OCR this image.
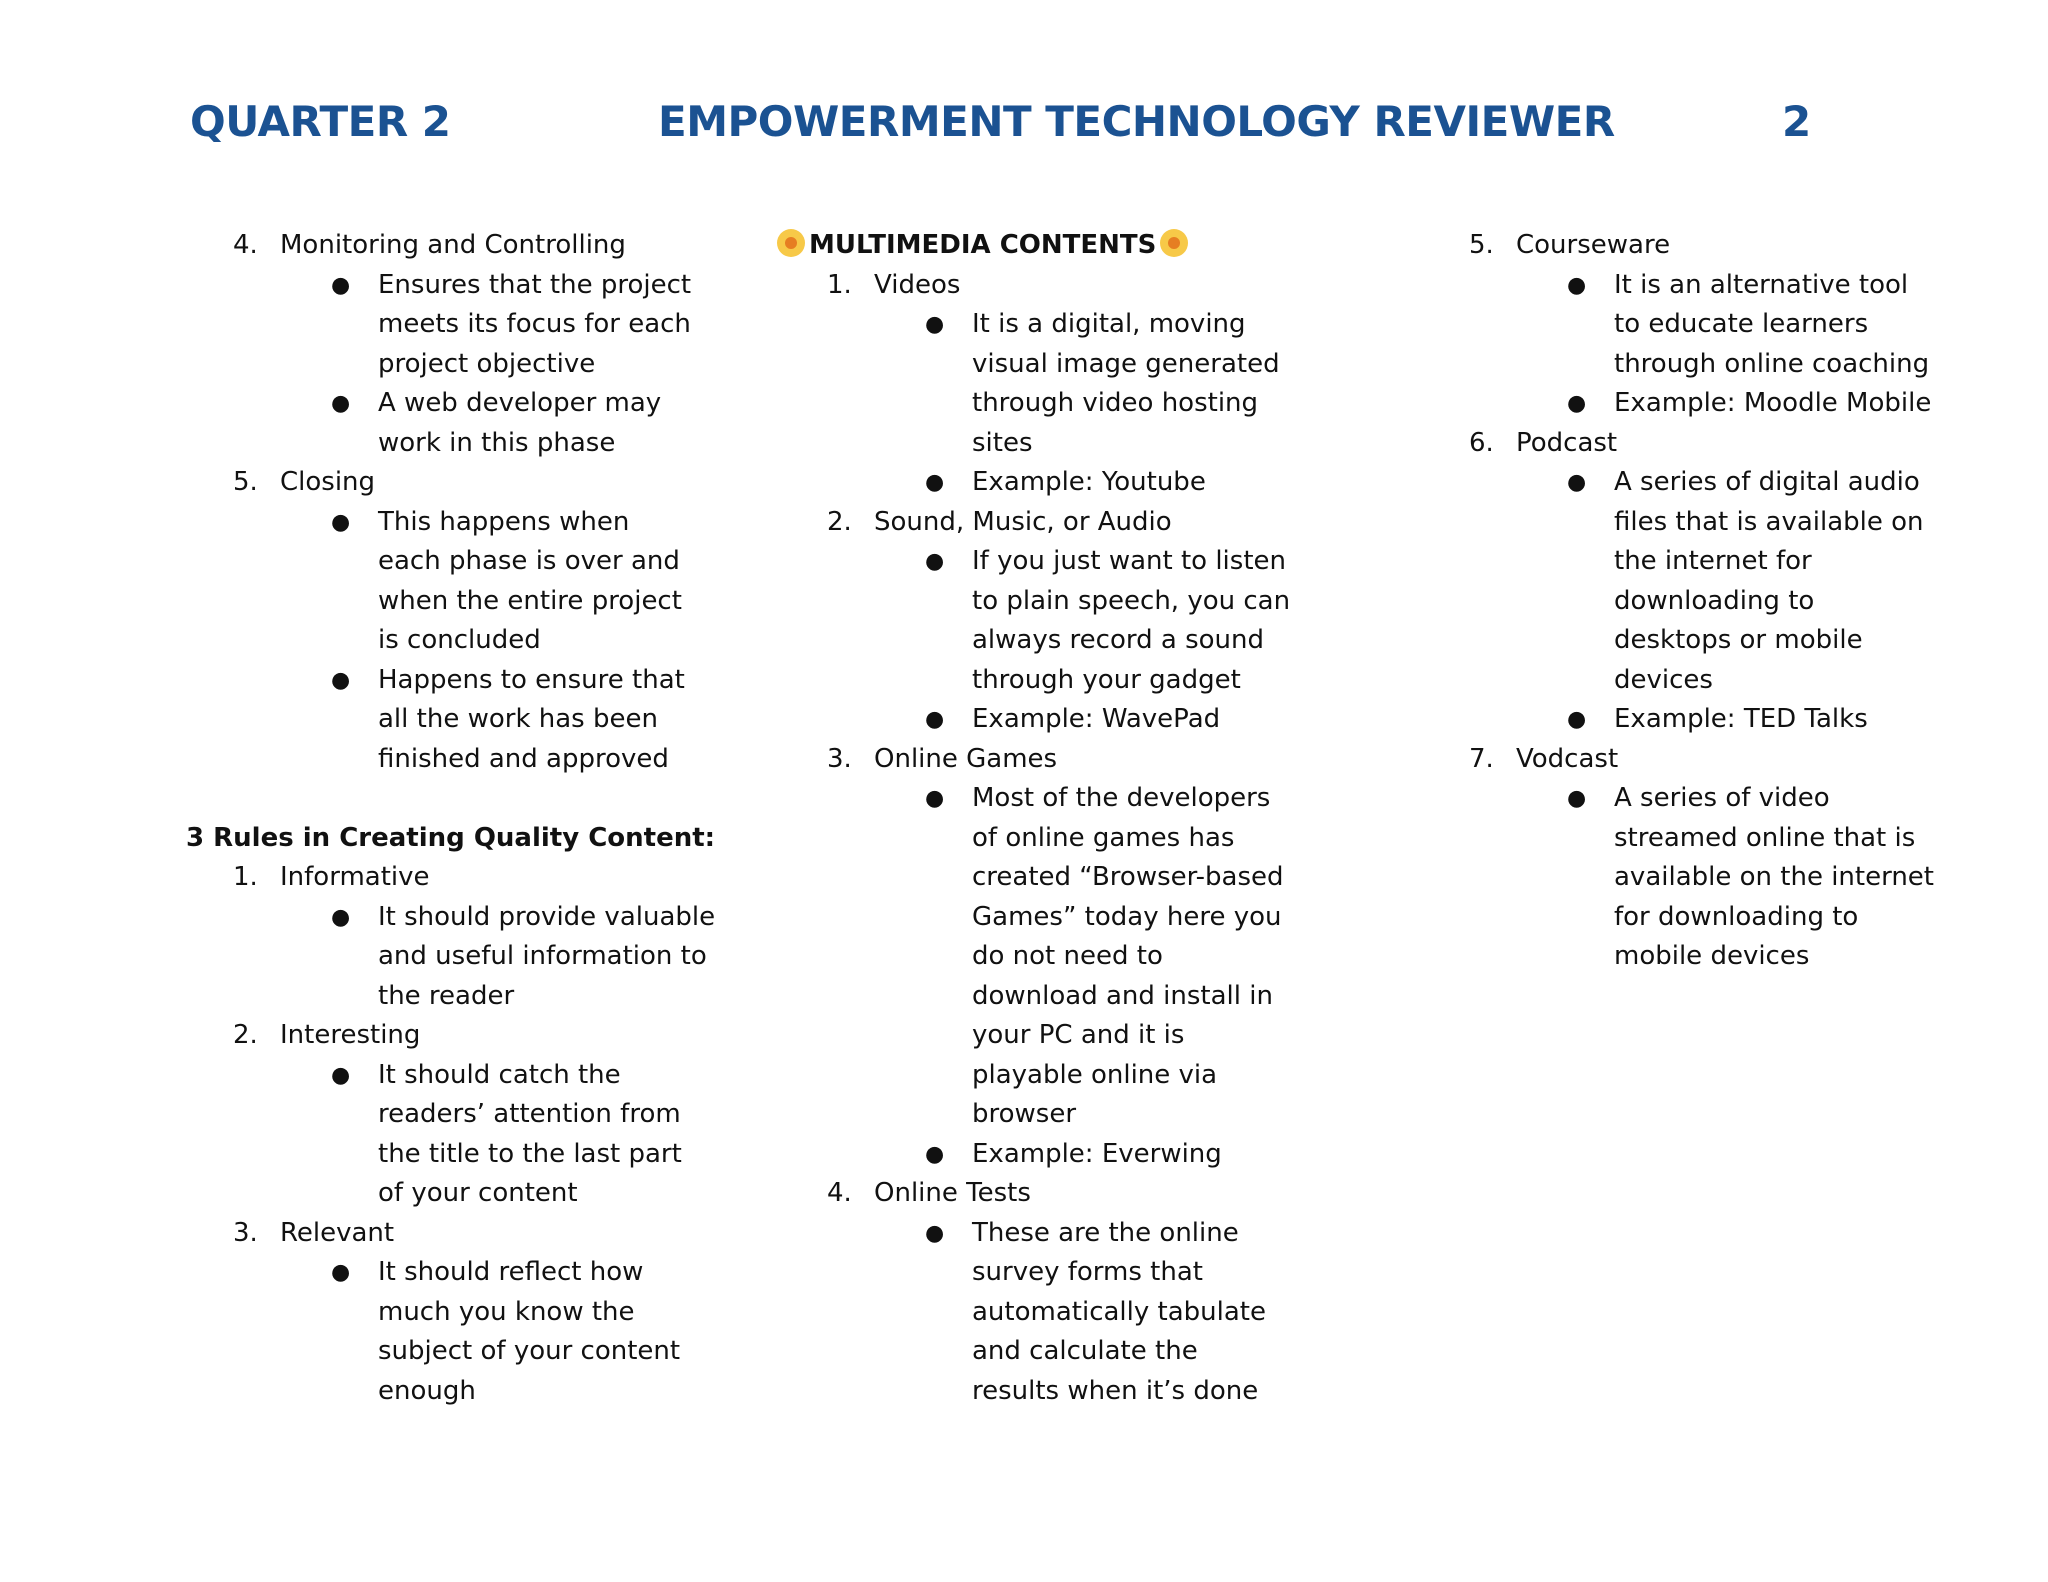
QUARTER 2	EMPOWERMENT TECHNOLOGY REVIEWER	2
4. Monitoring and Controlling
●	Ensures that the project meets its focus for each project objective
●	A web developer may work in this phase
5. Closing
●	This happens when each phase is over and when the entire project is concluded
●	Happens to ensure that all the work has been finished and approved
3 Rules in Creating Quality Content:
1. Informative
●	It should provide valuable and useful information to the reader
2. Interesting
●	It should catch the readers’ attention from the title to the last part of your content
3. Relevant
●	It should reflect how much you know the subject of your content enough
MULTIMEDIA CONTENTS
1. Videos
●	It is a digital, moving visual image generated through video hosting sites
●	Example: Youtube
2. Sound, Music, or Audio
●	If you just want to listen to plain speech, you can always record a sound through your gadget
●	Example: WavePad
3. Online Games
●	Most of the developers of online games has created “Browser-based Games” today here you do not need to download and install in your PC and it is playable online via browser
●	Example: Everwing
4. Online Tests
●	These are the online survey forms that automatically tabulate and calculate the results when it’s done
5. Courseware
●	It is an alternative tool to educate learners through online coaching
●	Example: Moodle Mobile
6. Podcast
●	A series of digital audio files that is available on the internet for downloading to desktops or mobile devices
●	Example: TED Talks
7. Vodcast
●	A series of video streamed online that is available on the internet for downloading to mobile devices
